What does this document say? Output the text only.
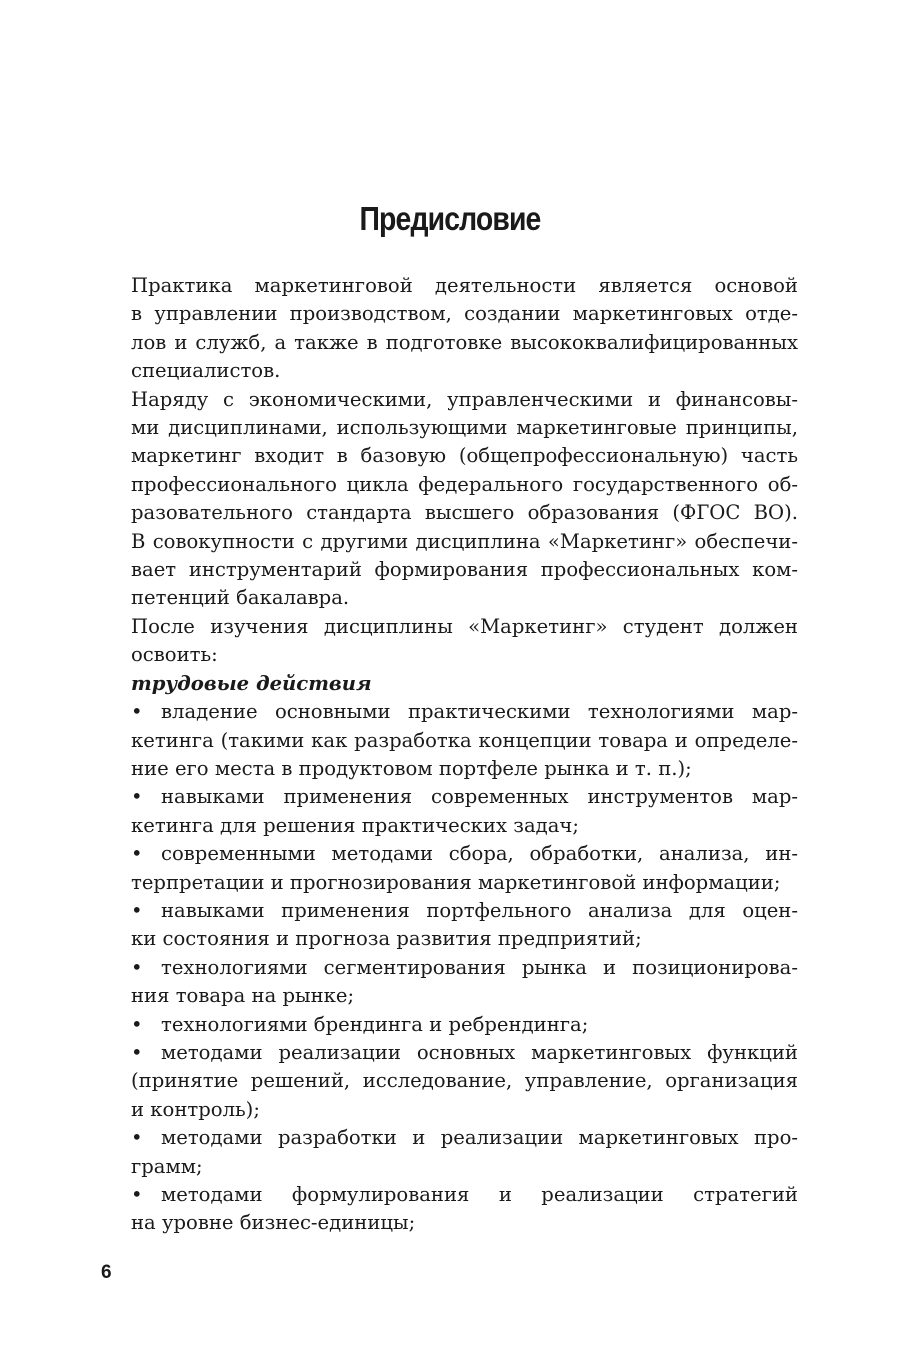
Предисловие
Практика маркетинговой деятельности является основой
в управлении производством, создании маркетинговых отде-
лов и служб, а также в подготовке высококвалифицированных
специалистов.
Наряду с экономическими, управленческими и финансовы-
ми дисциплинами, использующими маркетинговые принципы,
маркетинг входит в базовую (общепрофессиональную) часть
профессионального цикла федерального государственного об-
разовательного стандарта высшего образования (ФГОС ВО).
В совокупности с другими дисциплина «Маркетинг» обеспечи-
вает инструментарий формирования профессиональных ком-
петенций бакалавра.
После изучения дисциплины «Маркетинг» студент должен
освоить:
трудовые действия
• владение основными практическими технологиями мар-
кетинга (такими как разработка концепции товара и определе-
ние его места в продуктовом портфеле рынка и т. п.);
• навыками применения современных инструментов мар-
кетинга для решения практических задач;
• современными методами сбора, обработки, анализа, ин-
терпретации и прогнозирования маркетинговой информации;
• навыками применения портфельного анализа для оцен-
ки состояния и прогноза развития предприятий;
• технологиями сегментирования рынка и позиционирова-
ния товара на рынке;
• технологиями брендинга и ребрендинга;
• методами реализации основных маркетинговых функций
(принятие решений, исследование, управление, организация
и контроль);
• методами разработки и реализации маркетинговых про-
грамм;
• методами формулирования и реализации стратегий
на уровне бизнес-единицы;
6
